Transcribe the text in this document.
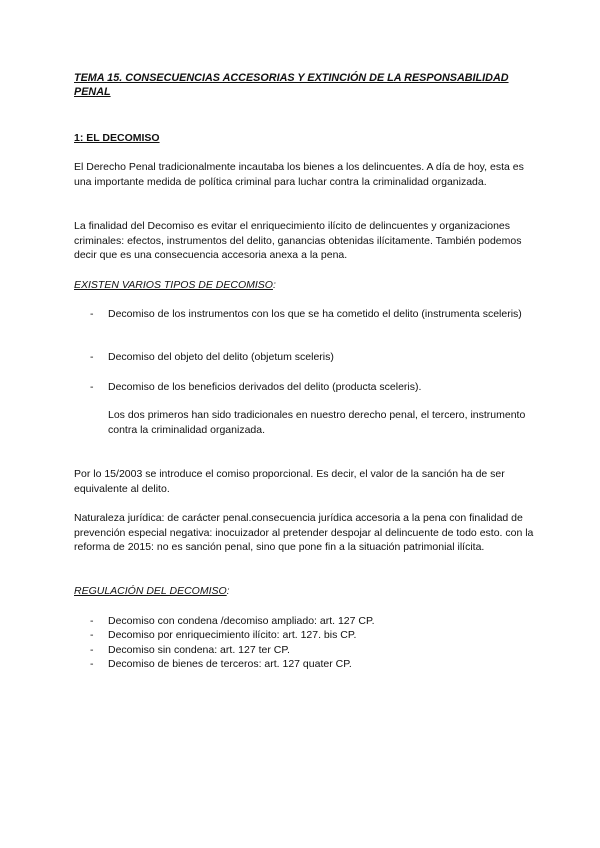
TEMA 15. CONSECUENCIAS ACCESORIAS Y EXTINCIÓN DE LA RESPONSABILIDAD PENAL

1: EL DECOMISO

El Derecho Penal tradicionalmente incautaba los bienes a los delincuentes. A día de hoy, esta es una importante medida de política criminal para luchar contra la criminalidad organizada.

La finalidad del Decomiso es evitar el enriquecimiento ilícito de delincuentes y organizaciones criminales: efectos, instrumentos del delito, ganancias obtenidas ilícitamente. También podemos decir que es una consecuencia accesoria anexa a la pena.

EXISTEN VARIOS TIPOS DE DECOMISO:

- Decomiso de los instrumentos con los que se ha cometido el delito (instrumenta sceleris)

- Decomiso del objeto del delito (objetum sceleris)

- Decomiso de los beneficios derivados del delito (producta sceleris).

Los dos primeros han sido tradicionales en nuestro derecho penal, el tercero, instrumento contra la criminalidad organizada.

Por lo 15/2003 se introduce el comiso proporcional. Es decir, el valor de la sanción ha de ser equivalente al delito.

Naturaleza jurídica: de carácter penal.consecuencia jurídica accesoria a la pena con finalidad de prevención especial negativa: inocuizador al pretender despojar al delincuente de todo esto. con la reforma de 2015: no es sanción penal, sino que pone fin a la situación patrimonial ilícita.

REGULACIÓN DEL DECOMISO:

- Decomiso con condena /decomiso ampliado: art. 127 CP.

- Decomiso por enriquecimiento ilícito: art. 127. bis CP.

- Decomiso sin condena: art. 127 ter CP.

- Decomiso de bienes de terceros: art. 127 quater CP.
